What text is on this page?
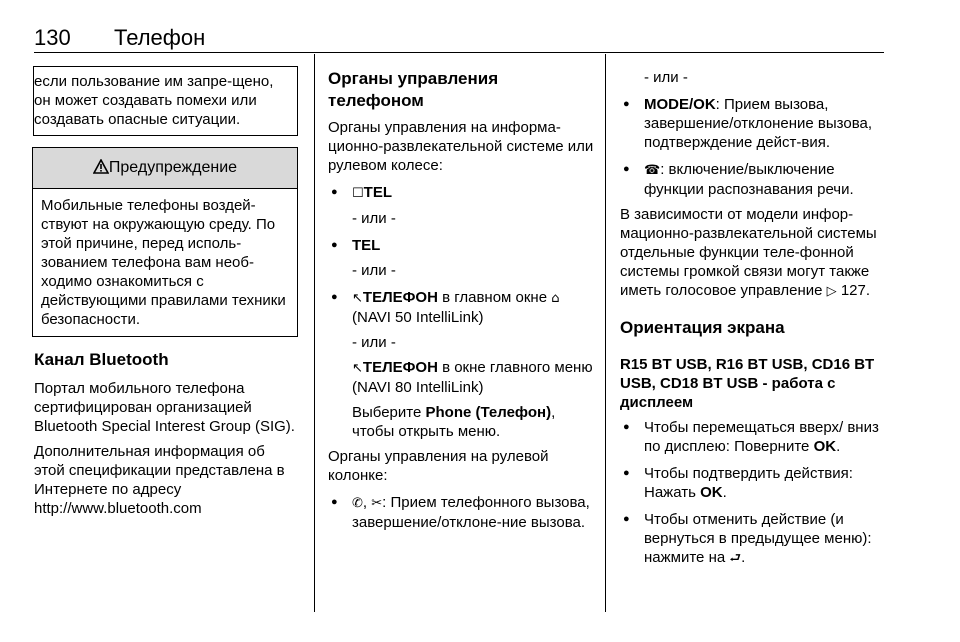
130 Телефон

если пользование им запре-щено, он может создавать помехи или создавать опасные ситуации.

Предупреждение

Мобильные телефоны воздей-ствуют на окружающую среду. По этой причине, перед исполь-зованием телефона вам необ-ходимо ознакомиться с действующими правилами техники безопасности.

Канал Bluetooth

Портал мобильного телефона сертифицирован организацией Bluetooth Special Interest Group (SIG).

Дополнительная информация об этой спецификации представлена в Интернете по адресу http://www.bluetooth.com

Органы управления телефоном

Органы управления на информа-ционно-развлекательной системе или рулевом колесе:

● ☐TEL

- или -

● TEL

- или -

● ↖ТЕЛЕФОН в главном окне ⌂
(NAVI 50 IntelliLink)

- или -

↖ТЕЛЕФОН в окне главного меню (NAVI 80 IntelliLink)

Выберите Phone (Телефон),
чтобы открыть меню.

Органы управления на рулевой колонке:

● ✆, ✂: Прием телефонного вызова, завершение/отклоне-ние вызова.

- или -

● MODE/OK: Прием вызова, завершение/отклонение вызова, подтверждение дейст-вия.

● ☎: включение/выключение функции распознавания речи.

В зависимости от модели инфор-мационно-развлекательной системы отдельные функции теле-фонной системы громкой связи могут также иметь голосовое управление ▷ 127.

Ориентация экрана
R15 BT USB, R16 BT USB, CD16 BT USB, CD18 BT USB - работа с дисплеем

● Чтобы перемещаться вверх/ вниз по дисплею: Поверните OK.

● Чтобы подтвердить действия: Нажать OK.

● Чтобы отменить действие (и вернуться в предыдущее меню): нажмите на ⮐.
